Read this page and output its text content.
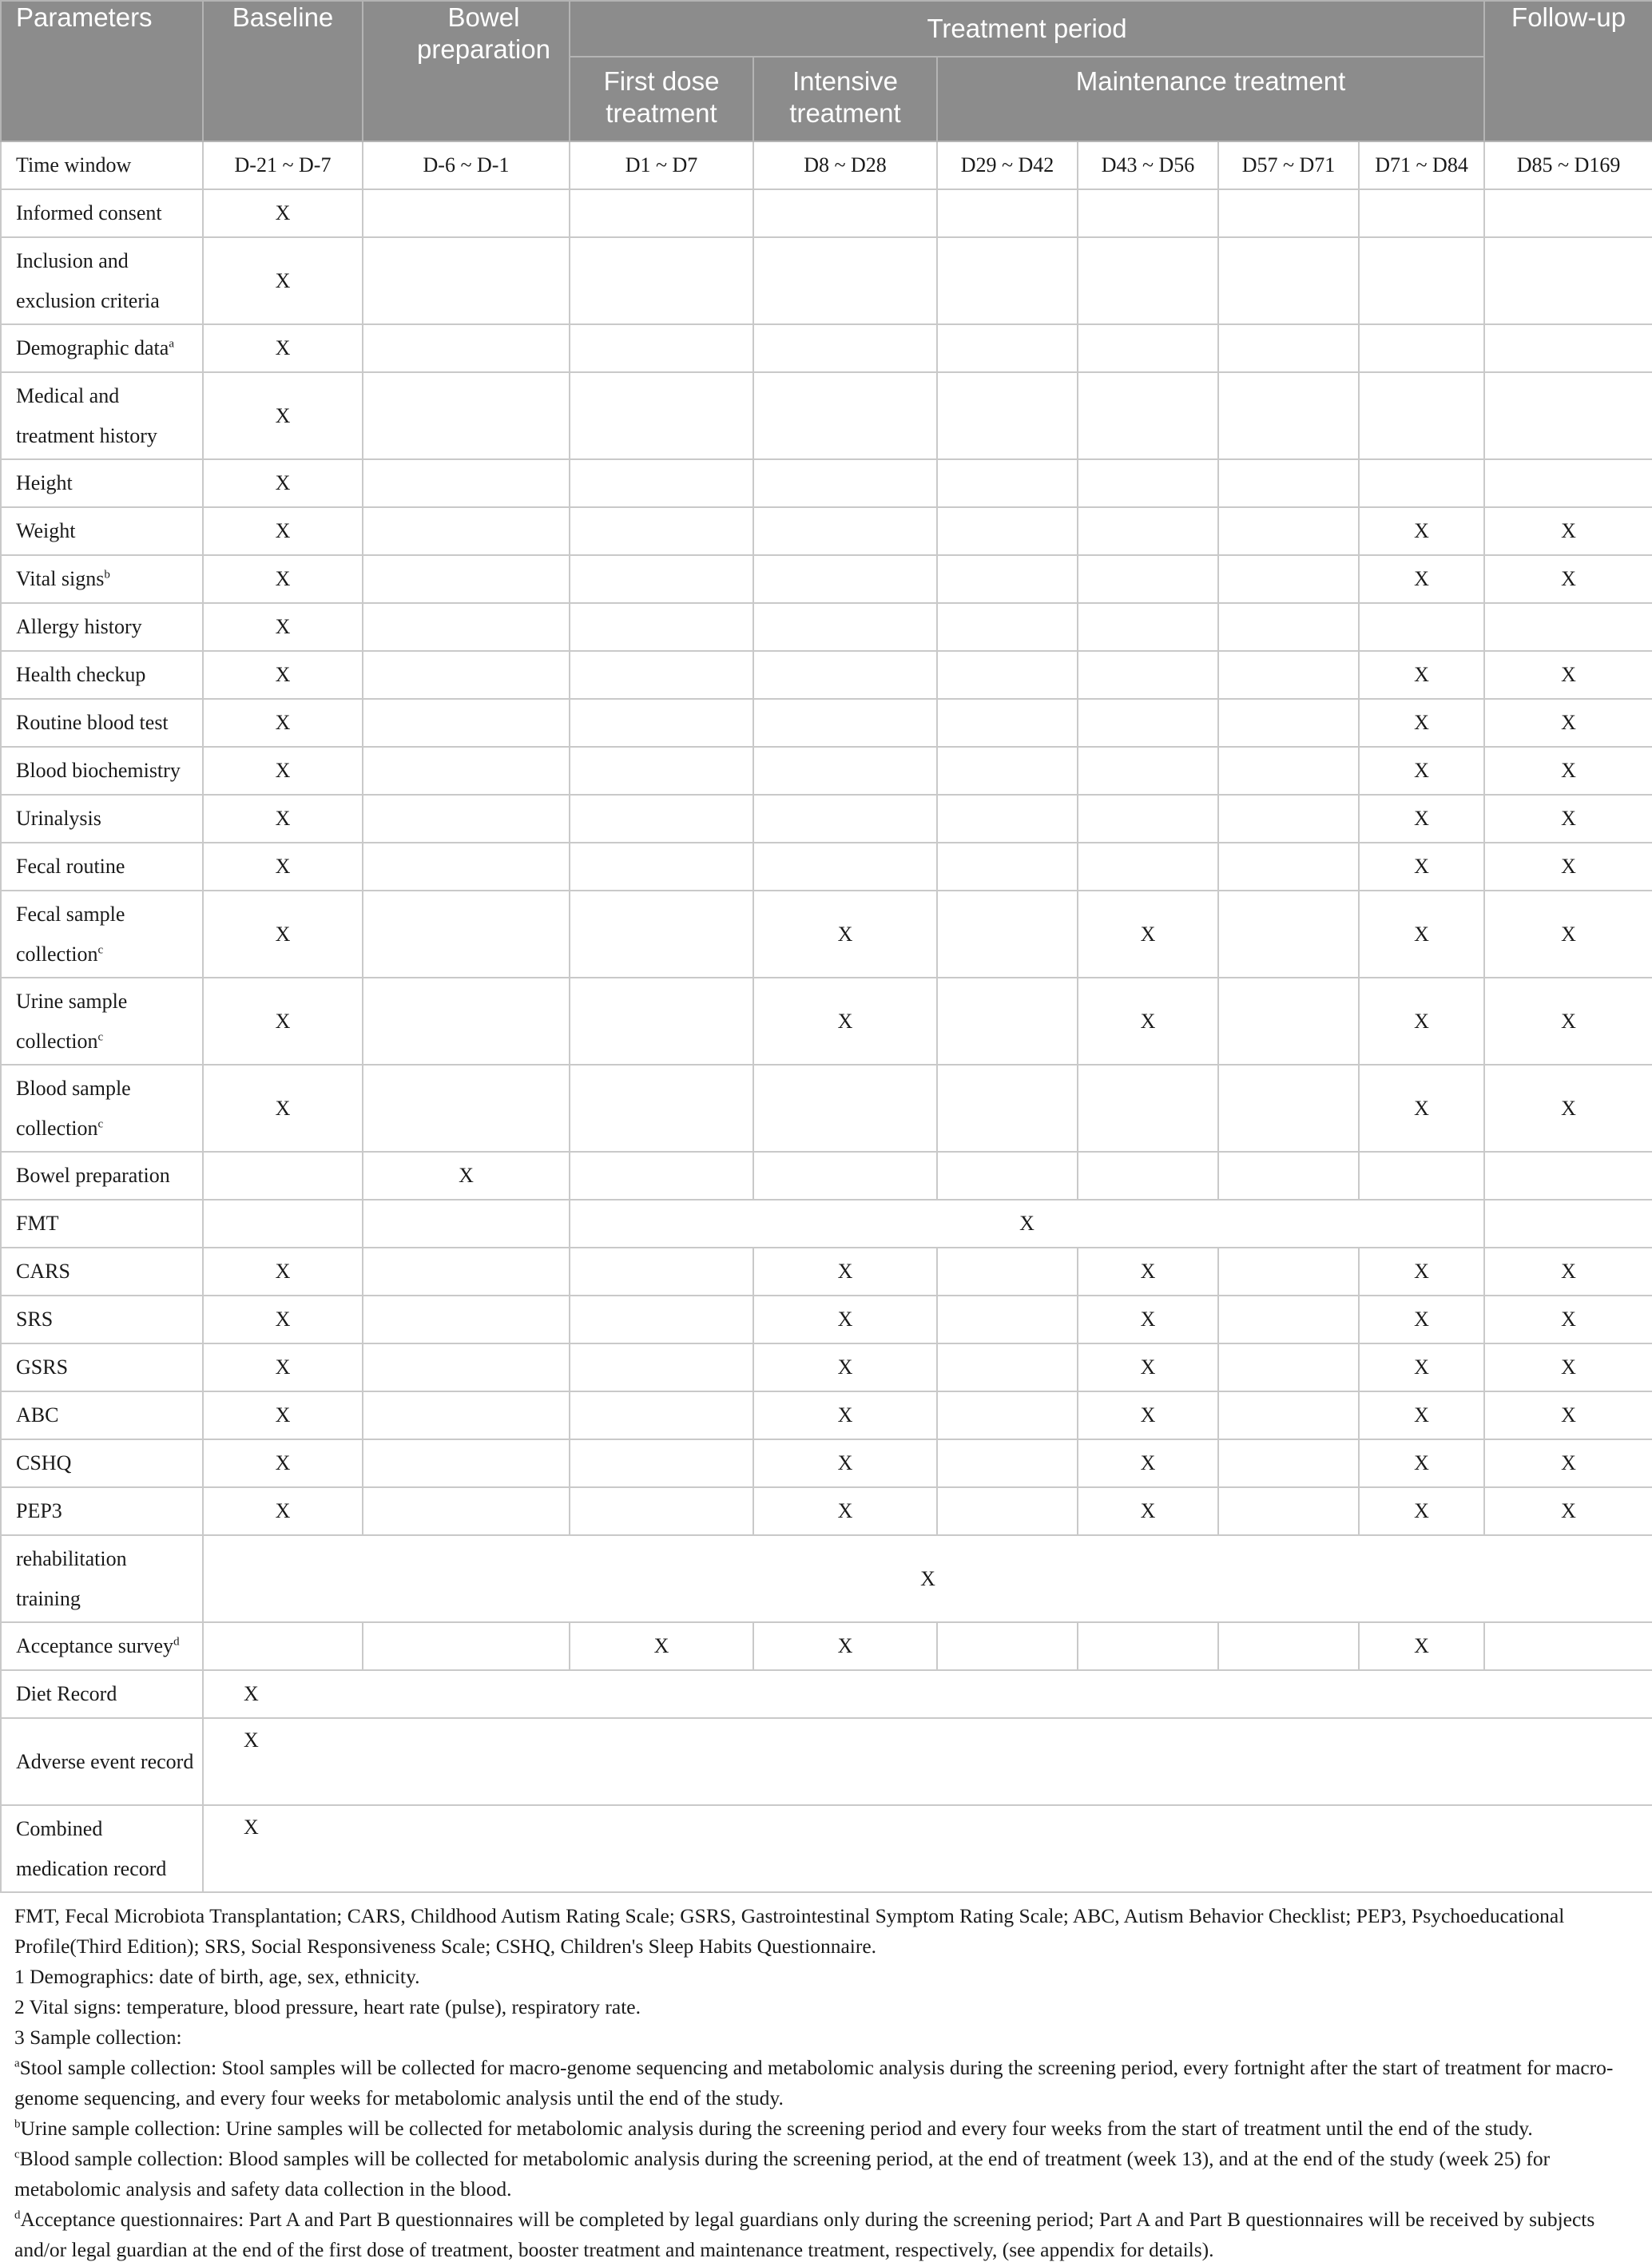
Parameters	Baseline	Bowel preparation	Treatment period						Follow-up
			First dose treatment	Intensive treatment	Maintenance treatment				
Time window	D-21 ~ D-7	D-6 ~ D-1	D1 ~ D7	D8 ~ D28	D29 ~ D42	D43 ~ D56	D57 ~ D71	D71 ~ D84	D85 ~ D169
Informed consent	X								
Inclusion and exclusion criteria	X								
Demographic data$^a$	X								
Medical and treatment history	X								
Height	X								
Weight	X							X	X
Vital signs$^b$	X							X	X
Allergy history	X								
Health checkup	X							X	X
Routine blood test	X							X	X
Blood biochemistry	X							X	X
Urinalysis	X							X	X
Fecal routine	X							X	X
Fecal sample collection$^c$	X			X		X		X	X
Urine sample collection$^c$	X			X		X		X	X
Blood sample collection$^c$	X							X	X
Bowel preparation		X							
FMT			X						
CARS	X			X		X		X	X
SRS	X			X		X		X	X
GSRS	X			X		X		X	X
ABC	X			X		X		X	X
CSHQ	X			X		X		X	X
PEP3	X			X		X		X	X
rehabilitation training	X								
Acceptance survey$^d$			X	X				X	
Diet Record	X								
Adverse event record	X								
Combined medication record	X								

FMT, Fecal Microbiota Transplantation; CARS, Childhood Autism Rating Scale; GSRS, Gastrointestinal Symptom Rating Scale; ABC, Autism Behavior Checklist; PEP3, Psychoeducational Profile(Third Edition); SRS, Social Responsiveness Scale; CSHQ, Children's Sleep Habits Questionnaire.

1 Demographics: date of birth, age, sex, ethnicity.

2 Vital signs: temperature, blood pressure, heart rate (pulse), respiratory rate.

3 Sample collection:

$^a$Stool sample collection: Stool samples will be collected for macro-genome sequencing and metabolomic analysis during the screening period, every fortnight after the start of treatment for macro-genome sequencing, and every four weeks for metabolomic analysis until the end of the study.

$^b$Urine sample collection: Urine samples will be collected for metabolomic analysis during the screening period and every four weeks from the start of treatment until the end of the study.

$^c$Blood sample collection: Blood samples will be collected for metabolomic analysis during the screening period, at the end of treatment (week 13), and at the end of the study (week 25) for metabolomic analysis and safety data collection in the blood.

$^d$Acceptance questionnaires: Part A and Part B questionnaires will be completed by legal guardians only during the screening period; Part A and Part B questionnaires will be received by subjects and/or legal guardian at the end of the first dose of treatment, booster treatment and maintenance treatment, respectively, (see appendix for details).
